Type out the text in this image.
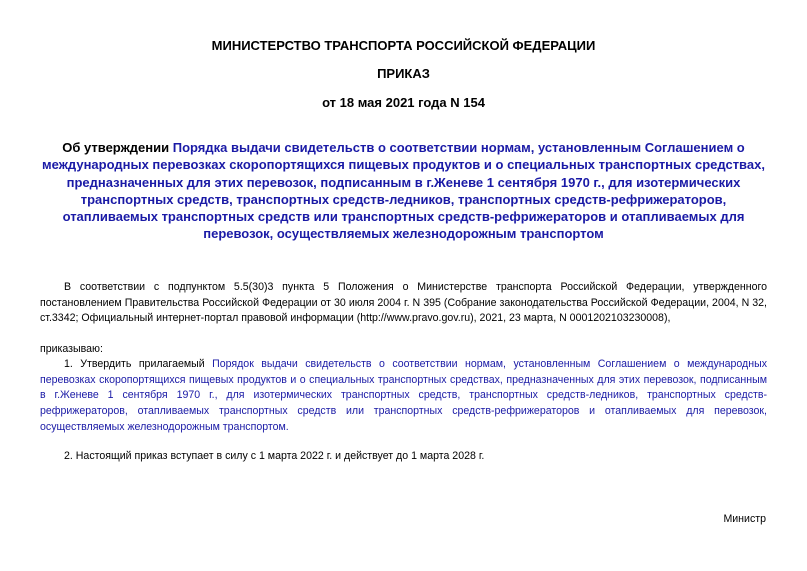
МИНИСТЕРСТВО ТРАНСПОРТА РОССИЙСКОЙ ФЕДЕРАЦИИ
ПРИКАЗ
от 18 мая 2021 года N 154
Об утверждении Порядка выдачи свидетельств о соответствии нормам, установленным Соглашением о международных перевозках скоропортящихся пищевых продуктов и о специальных транспортных средствах, предназначенных для этих перевозок, подписанным в г.Женеве 1 сентября 1970 г., для изотермических транспортных средств, транспортных средств-ледников, транспортных средств-рефрижераторов, отапливаемых транспортных средств или транспортных средств-рефрижераторов и отапливаемых для перевозок, осуществляемых железнодорожным транспортом
В соответствии с подпунктом 5.5(30)3 пункта 5 Положения о Министерстве транспорта Российской Федерации, утвержденного постановлением Правительства Российской Федерации от 30 июля 2004 г. N 395 (Собрание законодательства Российской Федерации, 2004, N 32, ст.3342; Официальный интернет-портал правовой информации (http://www.pravo.gov.ru), 2021, 23 марта, N 0001202103230008),
приказываю:
1. Утвердить прилагаемый Порядок выдачи свидетельств о соответствии нормам, установленным Соглашением о международных перевозках скоропортящихся пищевых продуктов и о специальных транспортных средствах, предназначенных для этих перевозок, подписанным в г.Женеве 1 сентября 1970 г., для изотермических транспортных средств, транспортных средств-ледников, транспортных средств-рефрижераторов, отапливаемых транспортных средств или транспортных средств-рефрижераторов и отапливаемых для перевозок, осуществляемых железнодорожным транспортом.
2. Настоящий приказ вступает в силу с 1 марта 2022 г. и действует до 1 марта 2028 г.
Министр
